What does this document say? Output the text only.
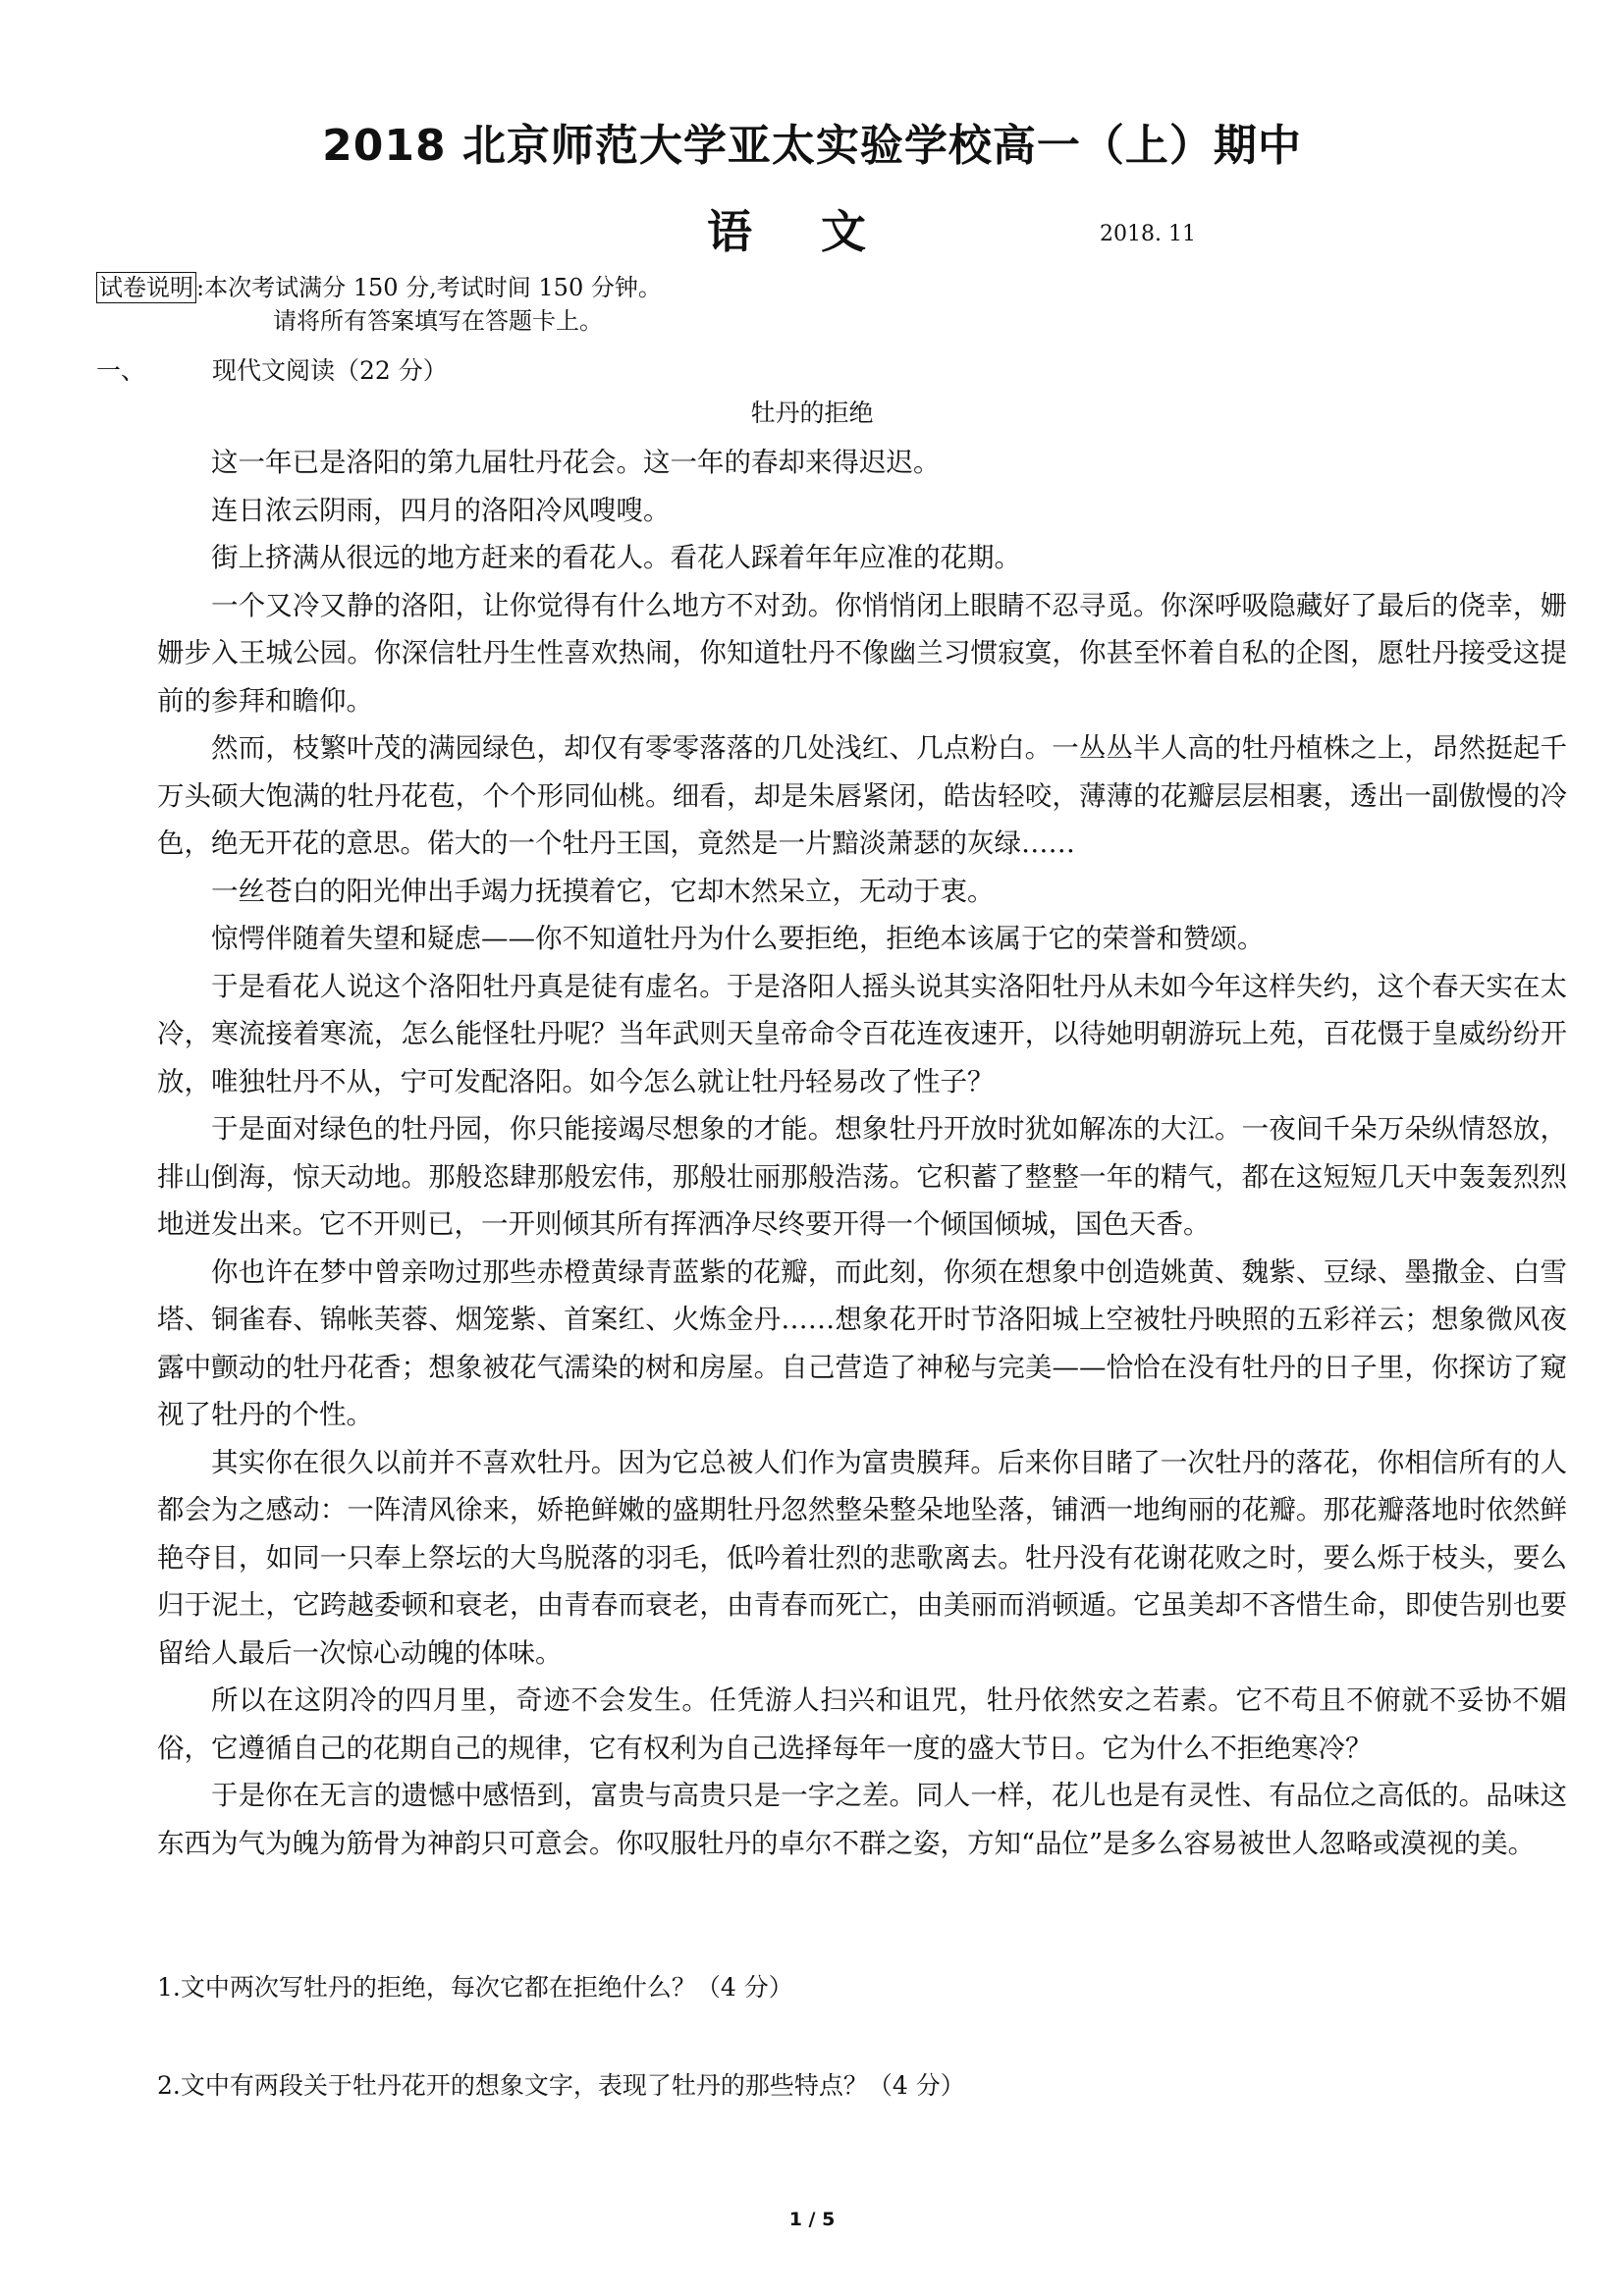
2018 北京师范大学亚太实验学校高一（上）期中
语文	2018. 11
试卷说明 :本次考试满分 150 分,考试时间 150 分钟。
请将所有答案填写在答题卡上。
一、	现代文阅读（22 分）
牡丹的拒绝

这一年已是洛阳的第九届牡丹花会。这一年的春却来得迟迟。

连日浓云阴雨，四月的洛阳冷风嗖嗖。

街上挤满从很远的地方赶来的看花人。看花人踩着年年应准的花期。

一个又冷又静的洛阳，让你觉得有什么地方不对劲。你悄悄闭上眼睛不忍寻觅。你深呼吸隐藏好了最后的侥幸，姗姗步入王城公园。你深信牡丹生性喜欢热闹，你知道牡丹不像幽兰习惯寂寞，你甚至怀着自私的企图，愿牡丹接受这提前的参拜和瞻仰。

然而，枝繁叶茂的满园绿色，却仅有零零落落的几处浅红、几点粉白。一丛丛半人高的牡丹植株之上，昂然挺起千万头硕大饱满的牡丹花苞，个个形同仙桃。细看，却是朱唇紧闭，皓齿轻咬，薄薄的花瓣层层相裹，透出一副傲慢的冷色，绝无开花的意思。偌大的一个牡丹王国，竟然是一片黯淡萧瑟的灰绿……

一丝苍白的阳光伸出手竭力抚摸着它，它却木然呆立，无动于衷。

惊愕伴随着失望和疑虑——你不知道牡丹为什么要拒绝，拒绝本该属于它的荣誉和赞颂。

于是看花人说这个洛阳牡丹真是徒有虚名。于是洛阳人摇头说其实洛阳牡丹从未如今年这样失约，这个春天实在太冷，寒流接着寒流，怎么能怪牡丹呢？当年武则天皇帝命令百花连夜速开，以待她明朝游玩上苑，百花慑于皇威纷纷开放，唯独牡丹不从，宁可发配洛阳。如今怎么就让牡丹轻易改了性子？

于是面对绿色的牡丹园，你只能接竭尽想象的才能。想象牡丹开放时犹如解冻的大江。一夜间千朵万朵纵情怒放，排山倒海，惊天动地。那般恣肆那般宏伟，那般壮丽那般浩荡。它积蓄了整整一年的精气，都在这短短几天中轰轰烈烈地迸发出来。它不开则已，一开则倾其所有挥洒净尽终要开得一个倾国倾城，国色天香。

你也许在梦中曾亲吻过那些赤橙黄绿青蓝紫的花瓣，而此刻，你须在想象中创造姚黄、魏紫、豆绿、墨撒金、白雪塔、铜雀春、锦帐芙蓉、烟笼紫、首案红、火炼金丹……想象花开时节洛阳城上空被牡丹映照的五彩祥云；想象微风夜露中颤动的牡丹花香；想象被花气濡染的树和房屋。自己营造了神秘与完美——恰恰在没有牡丹的日子里，你探访了窥视了牡丹的个性。

其实你在很久以前并不喜欢牡丹。因为它总被人们作为富贵膜拜。后来你目睹了一次牡丹的落花，你相信所有的人都会为之感动：一阵清风徐来，娇艳鲜嫩的盛期牡丹忽然整朵整朵地坠落，铺洒一地绚丽的花瓣。那花瓣落地时依然鲜艳夺目，如同一只奉上祭坛的大鸟脱落的羽毛，低吟着壮烈的悲歌离去。牡丹没有花谢花败之时，要么烁于枝头，要么归于泥土，它跨越委顿和衰老，由青春而衰老，由青春而死亡，由美丽而消顿遁。它虽美却不吝惜生命，即使告别也要留给人最后一次惊心动魄的体味。

所以在这阴冷的四月里，奇迹不会发生。任凭游人扫兴和诅咒，牡丹依然安之若素。它不苟且不俯就不妥协不媚俗，它遵循自己的花期自己的规律，它有权利为自己选择每年一度的盛大节日。它为什么不拒绝寒冷？

于是你在无言的遗憾中感悟到，富贵与高贵只是一字之差。同人一样，花儿也是有灵性、有品位之高低的。品味这东西为气为魄为筋骨为神韵只可意会。你叹服牡丹的卓尔不群之姿，方知“品位”是多么容易被世人忽略或漠视的美。

1.文中两次写牡丹的拒绝，每次它都在拒绝什么？（4 分）
2.文中有两段关于牡丹花开的想象文字，表现了牡丹的那些特点？（4 分）
1 / 5
